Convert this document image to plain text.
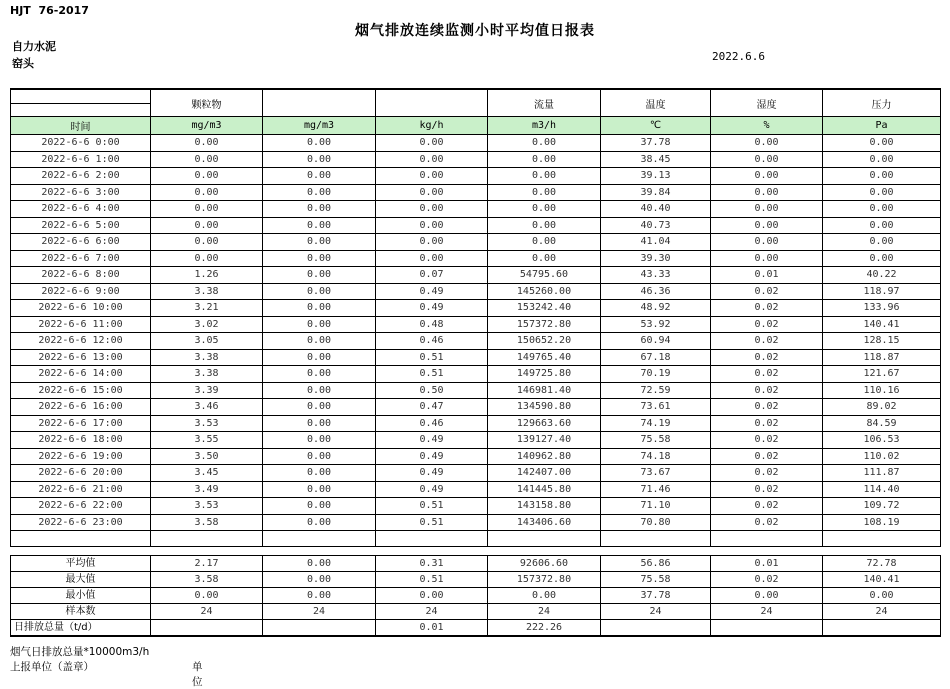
HJT  76-2017
烟气排放连续监测小时平均值日报表
自力水泥
窑头
2022.6.6
	颗粒物			流量	温度	湿度	压力

时间	mg/m3	mg/m3	kg/h	m3/h	℃	%	Pa
2022-6-6 0:00	0.00	0.00	0.00	0.00	37.78	0.00	0.00
2022-6-6 1:00	0.00	0.00	0.00	0.00	38.45	0.00	0.00
2022-6-6 2:00	0.00	0.00	0.00	0.00	39.13	0.00	0.00
2022-6-6 3:00	0.00	0.00	0.00	0.00	39.84	0.00	0.00
2022-6-6 4:00	0.00	0.00	0.00	0.00	40.40	0.00	0.00
2022-6-6 5:00	0.00	0.00	0.00	0.00	40.73	0.00	0.00
2022-6-6 6:00	0.00	0.00	0.00	0.00	41.04	0.00	0.00
2022-6-6 7:00	0.00	0.00	0.00	0.00	39.30	0.00	0.00
2022-6-6 8:00	1.26	0.00	0.07	54795.60	43.33	0.01	40.22
2022-6-6 9:00	3.38	0.00	0.49	145260.00	46.36	0.02	118.97
2022-6-6 10:00	3.21	0.00	0.49	153242.40	48.92	0.02	133.96
2022-6-6 11:00	3.02	0.00	0.48	157372.80	53.92	0.02	140.41
2022-6-6 12:00	3.05	0.00	0.46	150652.20	60.94	0.02	128.15
2022-6-6 13:00	3.38	0.00	0.51	149765.40	67.18	0.02	118.87
2022-6-6 14:00	3.38	0.00	0.51	149725.80	70.19	0.02	121.67
2022-6-6 15:00	3.39	0.00	0.50	146981.40	72.59	0.02	110.16
2022-6-6 16:00	3.46	0.00	0.47	134590.80	73.61	0.02	89.02
2022-6-6 17:00	3.53	0.00	0.46	129663.60	74.19	0.02	84.59
2022-6-6 18:00	3.55	0.00	0.49	139127.40	75.58	0.02	106.53
2022-6-6 19:00	3.50	0.00	0.49	140962.80	74.18	0.02	110.02
2022-6-6 20:00	3.45	0.00	0.49	142407.00	73.67	0.02	111.87
2022-6-6 21:00	3.49	0.00	0.49	141445.80	71.46	0.02	114.40
2022-6-6 22:00	3.53	0.00	0.51	143158.80	71.10	0.02	109.72
2022-6-6 23:00	3.58	0.00	0.51	143406.60	70.80	0.02	108.19

平均值	2.17	0.00	0.31	92606.60	56.86	0.01	72.78
最大值	3.58	0.00	0.51	157372.80	75.58	0.02	140.41
最小值	0.00	0.00	0.00	0.00	37.78	0.00	0.00
样本数	24	24	24	24	24	24	24
日排放总量（t/d）			0.01	222.26			
烟气日排放总量*10000m3/h
上报单位（盖章）	单位
